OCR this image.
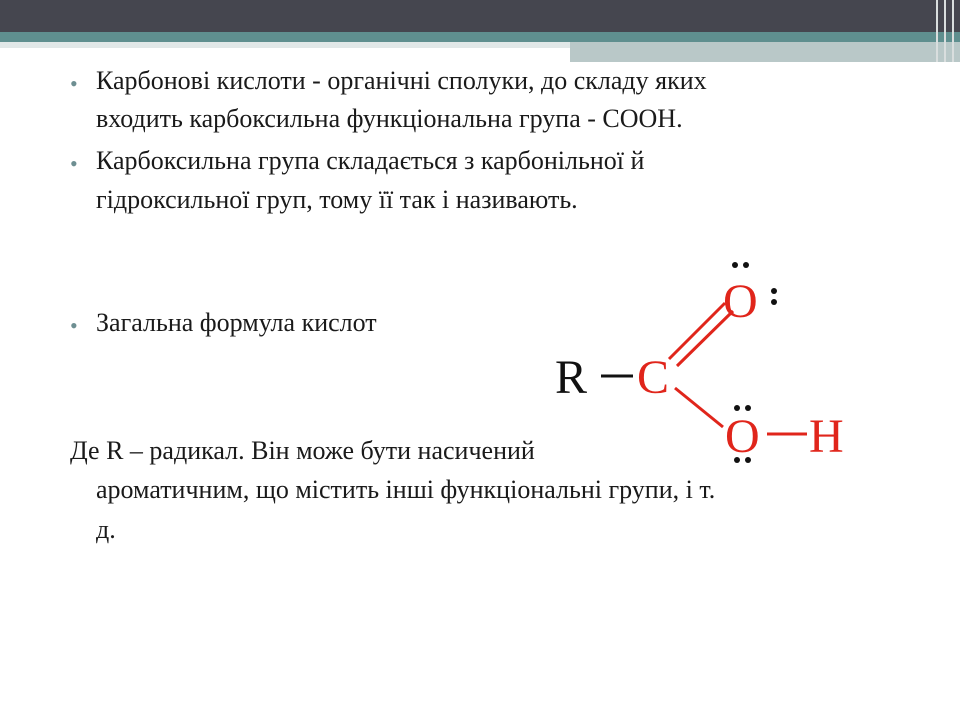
• Карбонові кислоти - органічні сполуки, до складу яких
входить карбоксильна функціональна група - СООН.
• Карбоксильна група складається з карбонільної й
гідроксильної груп, тому її так і називають.
• Загальна формула кислот
Де R – радикал. Він може бути насичений
ароматичним, що містить інші функціональні групи, і т.
д.
R C
O
O H
